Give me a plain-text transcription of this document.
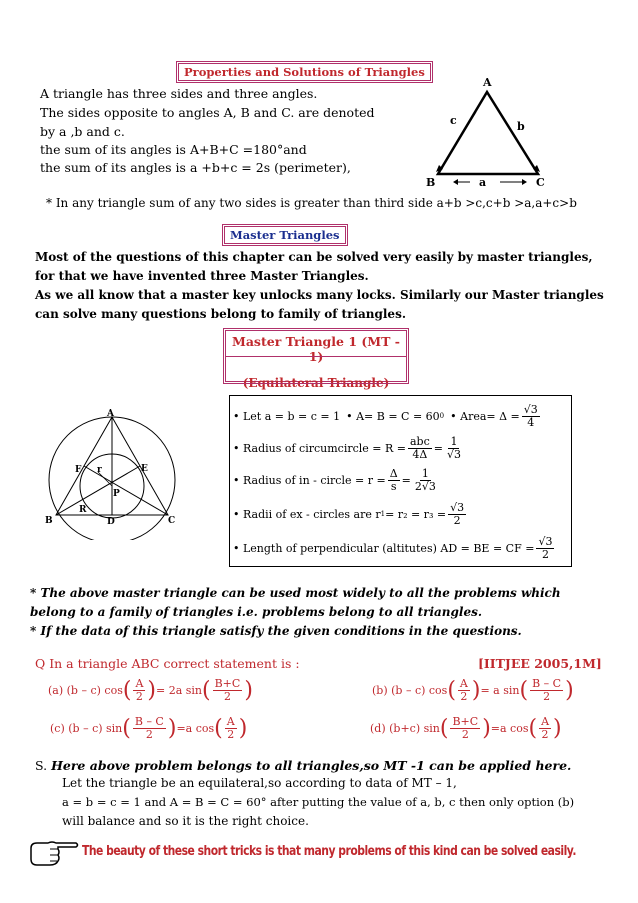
Properties and Solutions of Triangles
A triangle has three sides and three angles.
The sides opposite to angles A, B and C. are denoted
by a ,b and c.
the sum of its angles is A+B+C =180°and
the sum of its angles is a +b+c = 2s (perimeter),
A
B	C
a
b
c
* In any triangle sum of any two sides is greater than third side a+b >c,c+b >a,a+c>b
Master Triangles
Most of the questions of this chapter can be solved very easily by master triangles,
for that we have invented three Master Triangles.
As we all know that a master key unlocks many locks. Similarly our Master triangles
can solve many questions belong to family of triangles.
Master Triangle 1 (MT - 1)
(Equilateral Triangle)
A
B	C
D
E
F
P
R
r
• Let a = b = c = 1 • A= B = C = 60 0 • Area= $\Delta = \frac{√3}{4}$
• Radius of circumcircle = $R = \frac{\text{abc}}{4\Delta} = \frac{1}{√3}$
• Radius of in - circle = $r = \frac{\Delta}{s} = \frac{1}{2√3}$
• Radii of ex - circles are r $1 = r_2 = r_3 = \frac{√3}{2}$
• Length of perpendicular (altitutes) AD = BE = CF = $\frac{√3}{2}$
* The above master triangle can be used most widely to all the problems which
belong to a family of triangles i.e. problems belong to all triangles.
* If the data of this triangle satisfy the given conditions in the questions.
Q In a triangle ABC correct statement is :	[IITJEE 2005,1M]
(a) (b – c) cos ( $\frac{A}{2}$ ) = 2a sin ( $\frac{B+C}{2}$ )	(b) (b – c) cos ( $\frac{A}{2}$ ) = a sin ( $\frac{B - C}{2}$ )
(c) (b – c) sin ( $\frac{B - C}{2}$ ) =a cos ( $\frac{A}{2}$ )	(d) (b+c) sin ( $\frac{B+C}{2}$ ) =a cos ( $\frac{A}{2}$ )
S. Here above problem belongs to all triangles,so MT -1 can be applied here.
Let the triangle be an equilateral,so according to data of MT – 1,
a = b = c = 1 and A = B = C = 60° after putting the value of a, b, c then only option (b)
will balance and so it is the right choice.
The beauty of these short tricks is that many problems of this kind can be solved easily.
